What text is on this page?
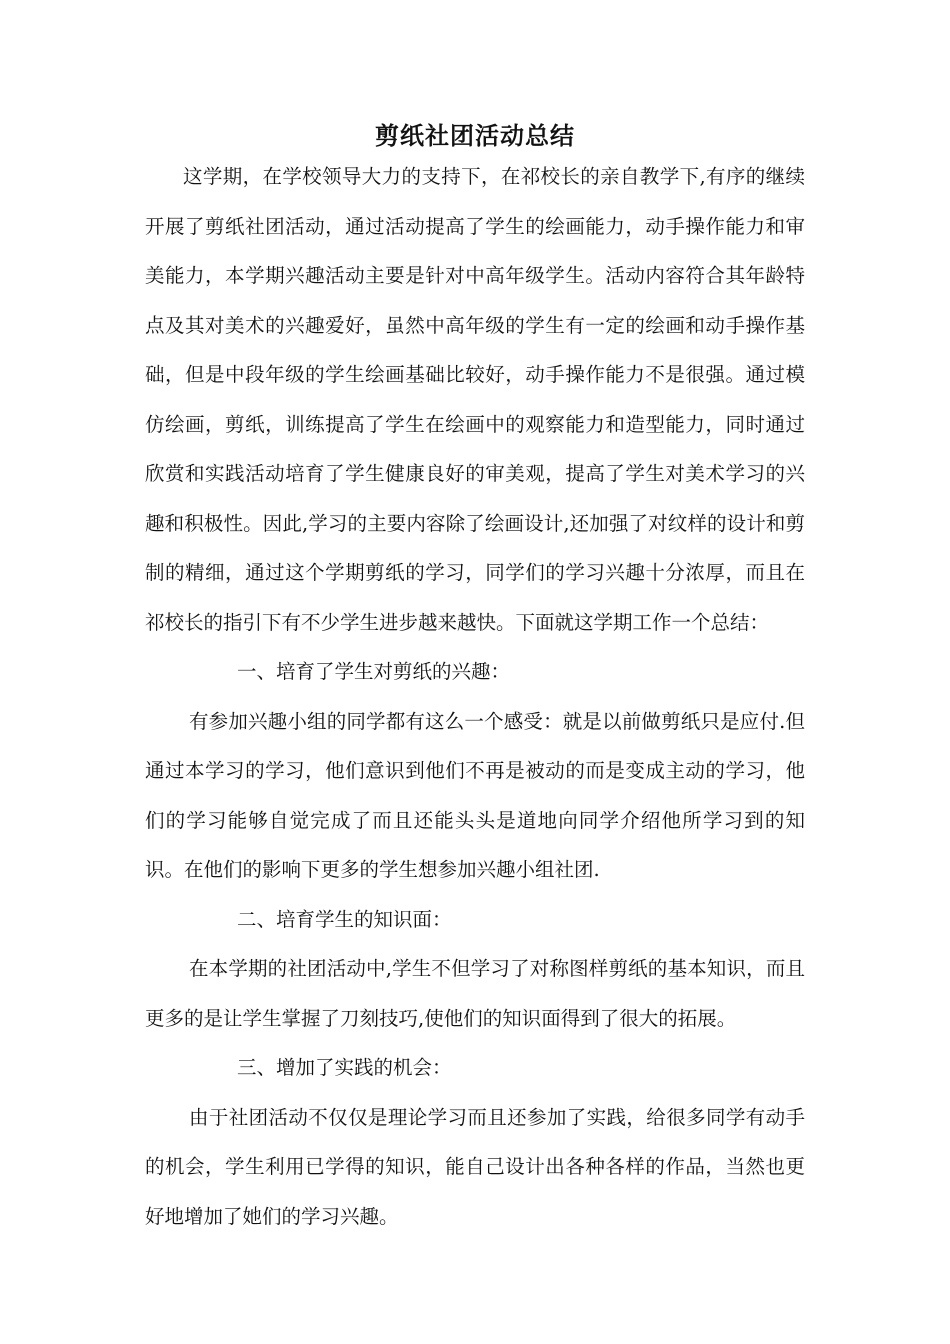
剪纸社团活动总结

这学期，在学校领导大力的支持下，在祁校长的亲自教学下,有序的继续开展了剪纸社团活动，通过活动提高了学生的绘画能力，动手操作能力和审美能力，本学期兴趣活动主要是针对中高年级学生。活动内容符合其年龄特点及其对美术的兴趣爱好，虽然中高年级的学生有一定的绘画和动手操作基础，但是中段年级的学生绘画基础比较好，动手操作能力不是很强。通过模仿绘画，剪纸，训练提高了学生在绘画中的观察能力和造型能力，同时通过欣赏和实践活动培育了学生健康良好的审美观，提高了学生对美术学习的兴趣和积极性。因此,学习的主要内容除了绘画设计,还加强了对纹样的设计和剪制的精细，通过这个学期剪纸的学习，同学们的学习兴趣十分浓厚，而且在祁校长的指引下有不少学生进步越来越快。下面就这学期工作一个总结：

一、培育了学生对剪纸的兴趣：

有参加兴趣小组的同学都有这么一个感受：就是以前做剪纸只是应付.但通过本学习的学习，他们意识到他们不再是被动的而是变成主动的学习，他们的学习能够自觉完成了而且还能头头是道地向同学介绍他所学习到的知识。在他们的影响下更多的学生想参加兴趣小组社团.

二、培育学生的知识面：

在本学期的社团活动中,学生不但学习了对称图样剪纸的基本知识，而且更多的是让学生掌握了刀刻技巧,使他们的知识面得到了很大的拓展。

三、增加了实践的机会：

由于社团活动不仅仅是理论学习而且还参加了实践，给很多同学有动手的机会，学生利用已学得的知识，能自己设计出各种各样的作品，当然也更好地增加了她们的学习兴趣。
